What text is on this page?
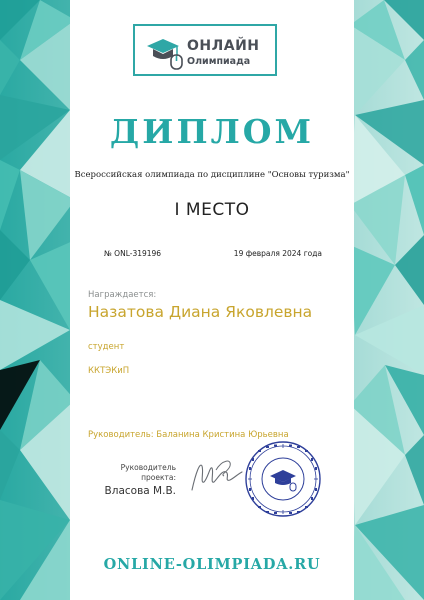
ОНЛАЙН
Олимпиада
ДИПЛОМ
Всероссийская олимпиада по дисциплине "Основы туризма"
I МЕСТО
№ ONL-319196	19 февраля 2024 года
Награждается:
Назатова Диана Яковлевна
студент
ККТЭКиП
Руководитель: Баланина Кристина Юрьевна
Руководитель
проекта:
Власова М.В.
ONLINE-OLIMPIADA.RU
